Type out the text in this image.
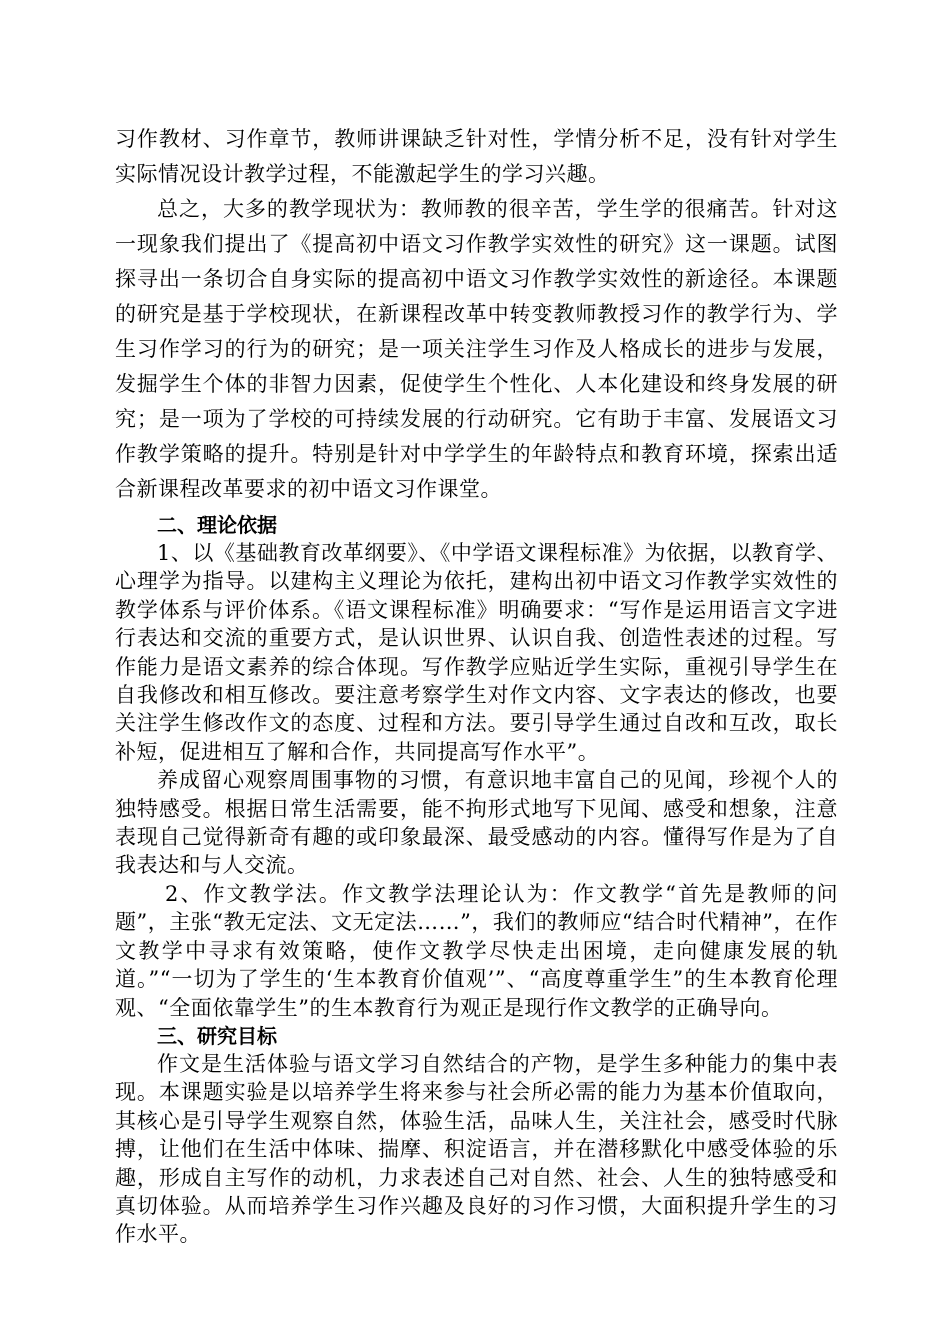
习作教材、习作章节，教师讲课缺乏针对性，学情分析不足，没有针对学生实际情况设计教学过程，不能激起学生的学习兴趣。

总之，大多的教学现状为：教师教的很辛苦，学生学的很痛苦。针对这一现象我们提出了《提高初中语文习作教学实效性的研究》这一课题。试图探寻出一条切合自身实际的提高初中语文习作教学实效性的新途径。本课题的研究是基于学校现状，在新课程改革中转变教师教授习作的教学行为、学生习作学习的行为的研究；是一项关注学生习作及人格成长的进步与发展，发掘学生个体的非智力因素，促使学生个性化、人本化建设和终身发展的研究；是一项为了学校的可持续发展的行动研究。它有助于丰富、发展语文习作教学策略的提升。特别是针对中学学生的年龄特点和教育环境，探索出适合新课程改革要求的初中语文习作课堂。

二、理论依据

1、以《基础教育改革纲要》、《中学语文课程标准》为依据，以教育学、心理学为指导。以建构主义理论为依托，建构出初中语文习作教学实效性的教学体系与评价体系。《语文课程标准》明确要求：“写作是运用语言文字进行表达和交流的重要方式，是认识世界、认识自我、创造性表述的过程。写作能力是语文素养的综合体现。写作教学应贴近学生实际，重视引导学生在自我修改和相互修改。要注意考察学生对作文内容、文字表达的修改，也要关注学生修改作文的态度、过程和方法。要引导学生通过自改和互改，取长补短，促进相互了解和合作，共同提高写作水平”。

养成留心观察周围事物的习惯，有意识地丰富自己的见闻，珍视个人的独特感受。根据日常生活需要，能不拘形式地写下见闻、感受和想象，注意表现自己觉得新奇有趣的或印象最深、最受感动的内容。懂得写作是为了自我表达和与人交流。

2、作文教学法。作文教学法理论认为：作文教学“首先是教师的问题”，主张“教无定法、文无定法……”，我们的教师应“结合时代精神”，在作文教学中寻求有效策略，使作文教学尽快走出困境，走向健康发展的轨道。”“一切为了学生的‘生本教育价值观’”、“高度尊重学生”的生本教育伦理观、“全面依靠学生”的生本教育行为观正是现行作文教学的正确导向。

三、研究目标

作文是生活体验与语文学习自然结合的产物，是学生多种能力的集中表现。本课题实验是以培养学生将来参与社会所必需的能力为基本价值取向，其核心是引导学生观察自然，体验生活，品味人生，关注社会，感受时代脉搏，让他们在生活中体味、揣摩、积淀语言，并在潜移默化中感受体验的乐趣，形成自主写作的动机，力求表述自己对自然、社会、人生的独特感受和真切体验。从而培养学生习作兴趣及良好的习作习惯，大面积提升学生的习作水平。
